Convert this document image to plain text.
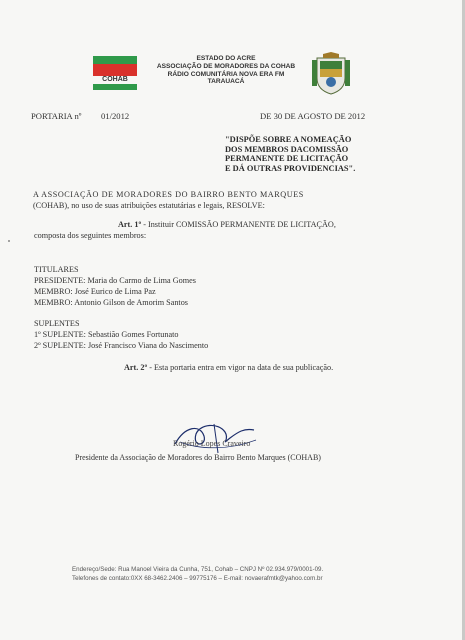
COHAB
ESTADO DO ACRE
ASSOCIAÇÃO DE MORADORES DA COHAB
RÁDIO COMUNITÁRIA NOVA ERA FM
TARAUACÁ
PORTARIA nº 01/2012	DE 30 DE AGOSTO DE 2012
"DISPÕE SOBRE A NOMEAÇÃO
DOS MEMBROS DACOMISSÃO
PERMANENTE DE LICITAÇÃO
E DÁ OUTRAS PROVIDENCIAS".
A ASSOCIAÇÃO DE MORADORES DO BAIRRO BENTO MARQUES
(COHAB), no uso de suas atribuições estatutárias e legais, RESOLVE:
Art. 1º - Instituir COMISSÃO PERMANENTE DE LICITAÇÃO,
composta dos seguintes membros:
TITULARES
PRESIDENTE: Maria do Carmo de Lima Gomes
MEMBRO: José Eurico de Lima Paz
MEMBRO: Antonio Gilson de Amorim Santos
SUPLENTES
1º SUPLENTE: Sebastião Gomes Fortunato
2º SUPLENTE: José Francisco Viana do Nascimento
Art. 2º - Esta portaria entra em vigor na data de sua publicação.
Rogério Lopes Craveiro
Presidente da Associação de Moradores do Bairro Bento Marques (COHAB)
Endereço/Sede: Rua Manoel Vieira da Cunha, 751, Cohab – CNPJ Nº 02.934.979/0001-09.
Telefones de contato:0XX 68-3462.2406 – 99775176 – E-mail: novaerafmtk@yahoo.com.br
